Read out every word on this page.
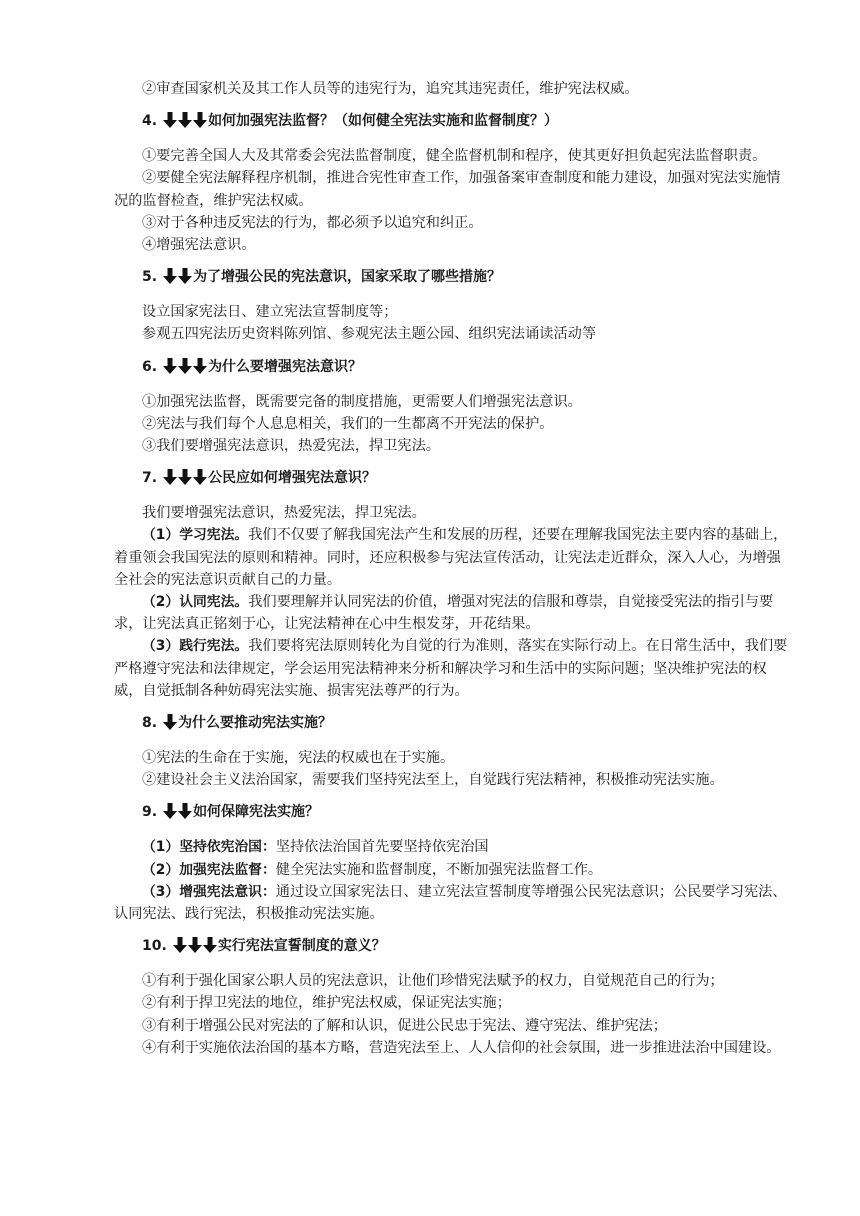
②审查国家机关及其工作人员等的违宪行为，追究其违宪责任，维护宪法权威。

4.	如何加强宪法监督？（如何健全宪法实施和监督制度？）

①要完善全国人大及其常委会宪法监督制度，健全监督机制和程序，使其更好担负起宪法监督职责。

②要健全宪法解释程序机制，推进合宪性审查工作，加强备案审查制度和能力建设，加强对宪法实施情况的监督检查，维护宪法权威。

③对于各种违反宪法的行为，都必须予以追究和纠正。

④增强宪法意识。

5.	为了增强公民的宪法意识，国家采取了哪些措施？

设立国家宪法日、建立宪法宣誓制度等；

参观五四宪法历史资料陈列馆、参观宪法主题公园、组织宪法诵读活动等

6.	为什么要增强宪法意识？

①加强宪法监督，既需要完备的制度措施，更需要人们增强宪法意识。

②宪法与我们每个人息息相关，我们的一生都离不开宪法的保护。

③我们要增强宪法意识，热爱宪法，捍卫宪法。

7.	公民应如何增强宪法意识？

我们要增强宪法意识，热爱宪法，捍卫宪法。

（1）学习宪法。我们不仅要了解我国宪法产生和发展的历程，还要在理解我国宪法主要内容的基础上，着重领会我国宪法的原则和精神。同时，还应积极参与宪法宣传活动，让宪法走近群众，深入人心，为增强全社会的宪法意识贡献自己的力量。

（2）认同宪法。我们要理解并认同宪法的价值，增强对宪法的信服和尊崇，自觉接受宪法的指引与要求，让宪法真正铭刻于心，让宪法精神在心中生根发芽，开花结果。

（3）践行宪法。我们要将宪法原则转化为自觉的行为准则，落实在实际行动上。在日常生活中，我们要严格遵守宪法和法律规定，学会运用宪法精神来分析和解决学习和生活中的实际问题；坚决维护宪法的权威，自觉抵制各种妨碍宪法实施、损害宪法尊严的行为。

8. 为什么要推动宪法实施？

①宪法的生命在于实施，宪法的权威也在于实施。

②建设社会主义法治国家，需要我们坚持宪法至上，自觉践行宪法精神，积极推动宪法实施。

9.	如何保障宪法实施？

（1）坚持依宪治国：坚持依法治国首先要坚持依宪治国

（2）加强宪法监督：健全宪法实施和监督制度，不断加强宪法监督工作。

（3）增强宪法意识：通过设立国家宪法日、建立宪法宣誓制度等增强公民宪法意识；公民要学习宪法、认同宪法、践行宪法，积极推动宪法实施。

10.	实行宪法宣誓制度的意义？

①有利于强化国家公职人员的宪法意识，让他们珍惜宪法赋予的权力，自觉规范自己的行为；

②有利于捍卫宪法的地位，维护宪法权威，保证宪法实施；

③有利于增强公民对宪法的了解和认识，促进公民忠于宪法、遵守宪法、维护宪法；

④有利于实施依法治国的基本方略，营造宪法至上、人人信仰的社会氛围，进一步推进法治中国建设。
